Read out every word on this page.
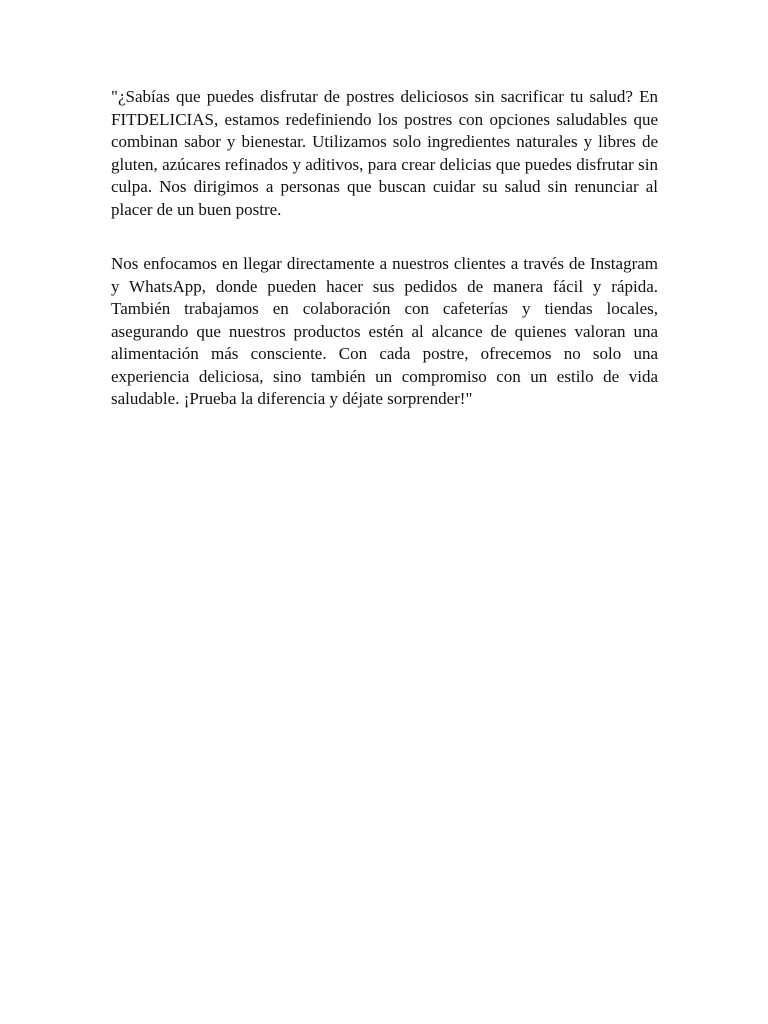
"¿Sabías que puedes disfrutar de postres deliciosos sin sacrificar tu salud? En FITDELICIAS, estamos redefiniendo los postres con opciones saludables que combinan sabor y bienestar. Utilizamos solo ingredientes naturales y libres de gluten, azúcares refinados y aditivos, para crear delicias que puedes disfrutar sin culpa. Nos dirigimos a personas que buscan cuidar su salud sin renunciar al placer de un buen postre.

Nos enfocamos en llegar directamente a nuestros clientes a través de Instagram y WhatsApp, donde pueden hacer sus pedidos de manera fácil y rápida. También trabajamos en colaboración con cafeterías y tiendas locales, asegurando que nuestros productos estén al alcance de quienes valoran una alimentación más consciente. Con cada postre, ofrecemos no solo una experiencia deliciosa, sino también un compromiso con un estilo de vida saludable. ¡Prueba la diferencia y déjate sorprender!"
